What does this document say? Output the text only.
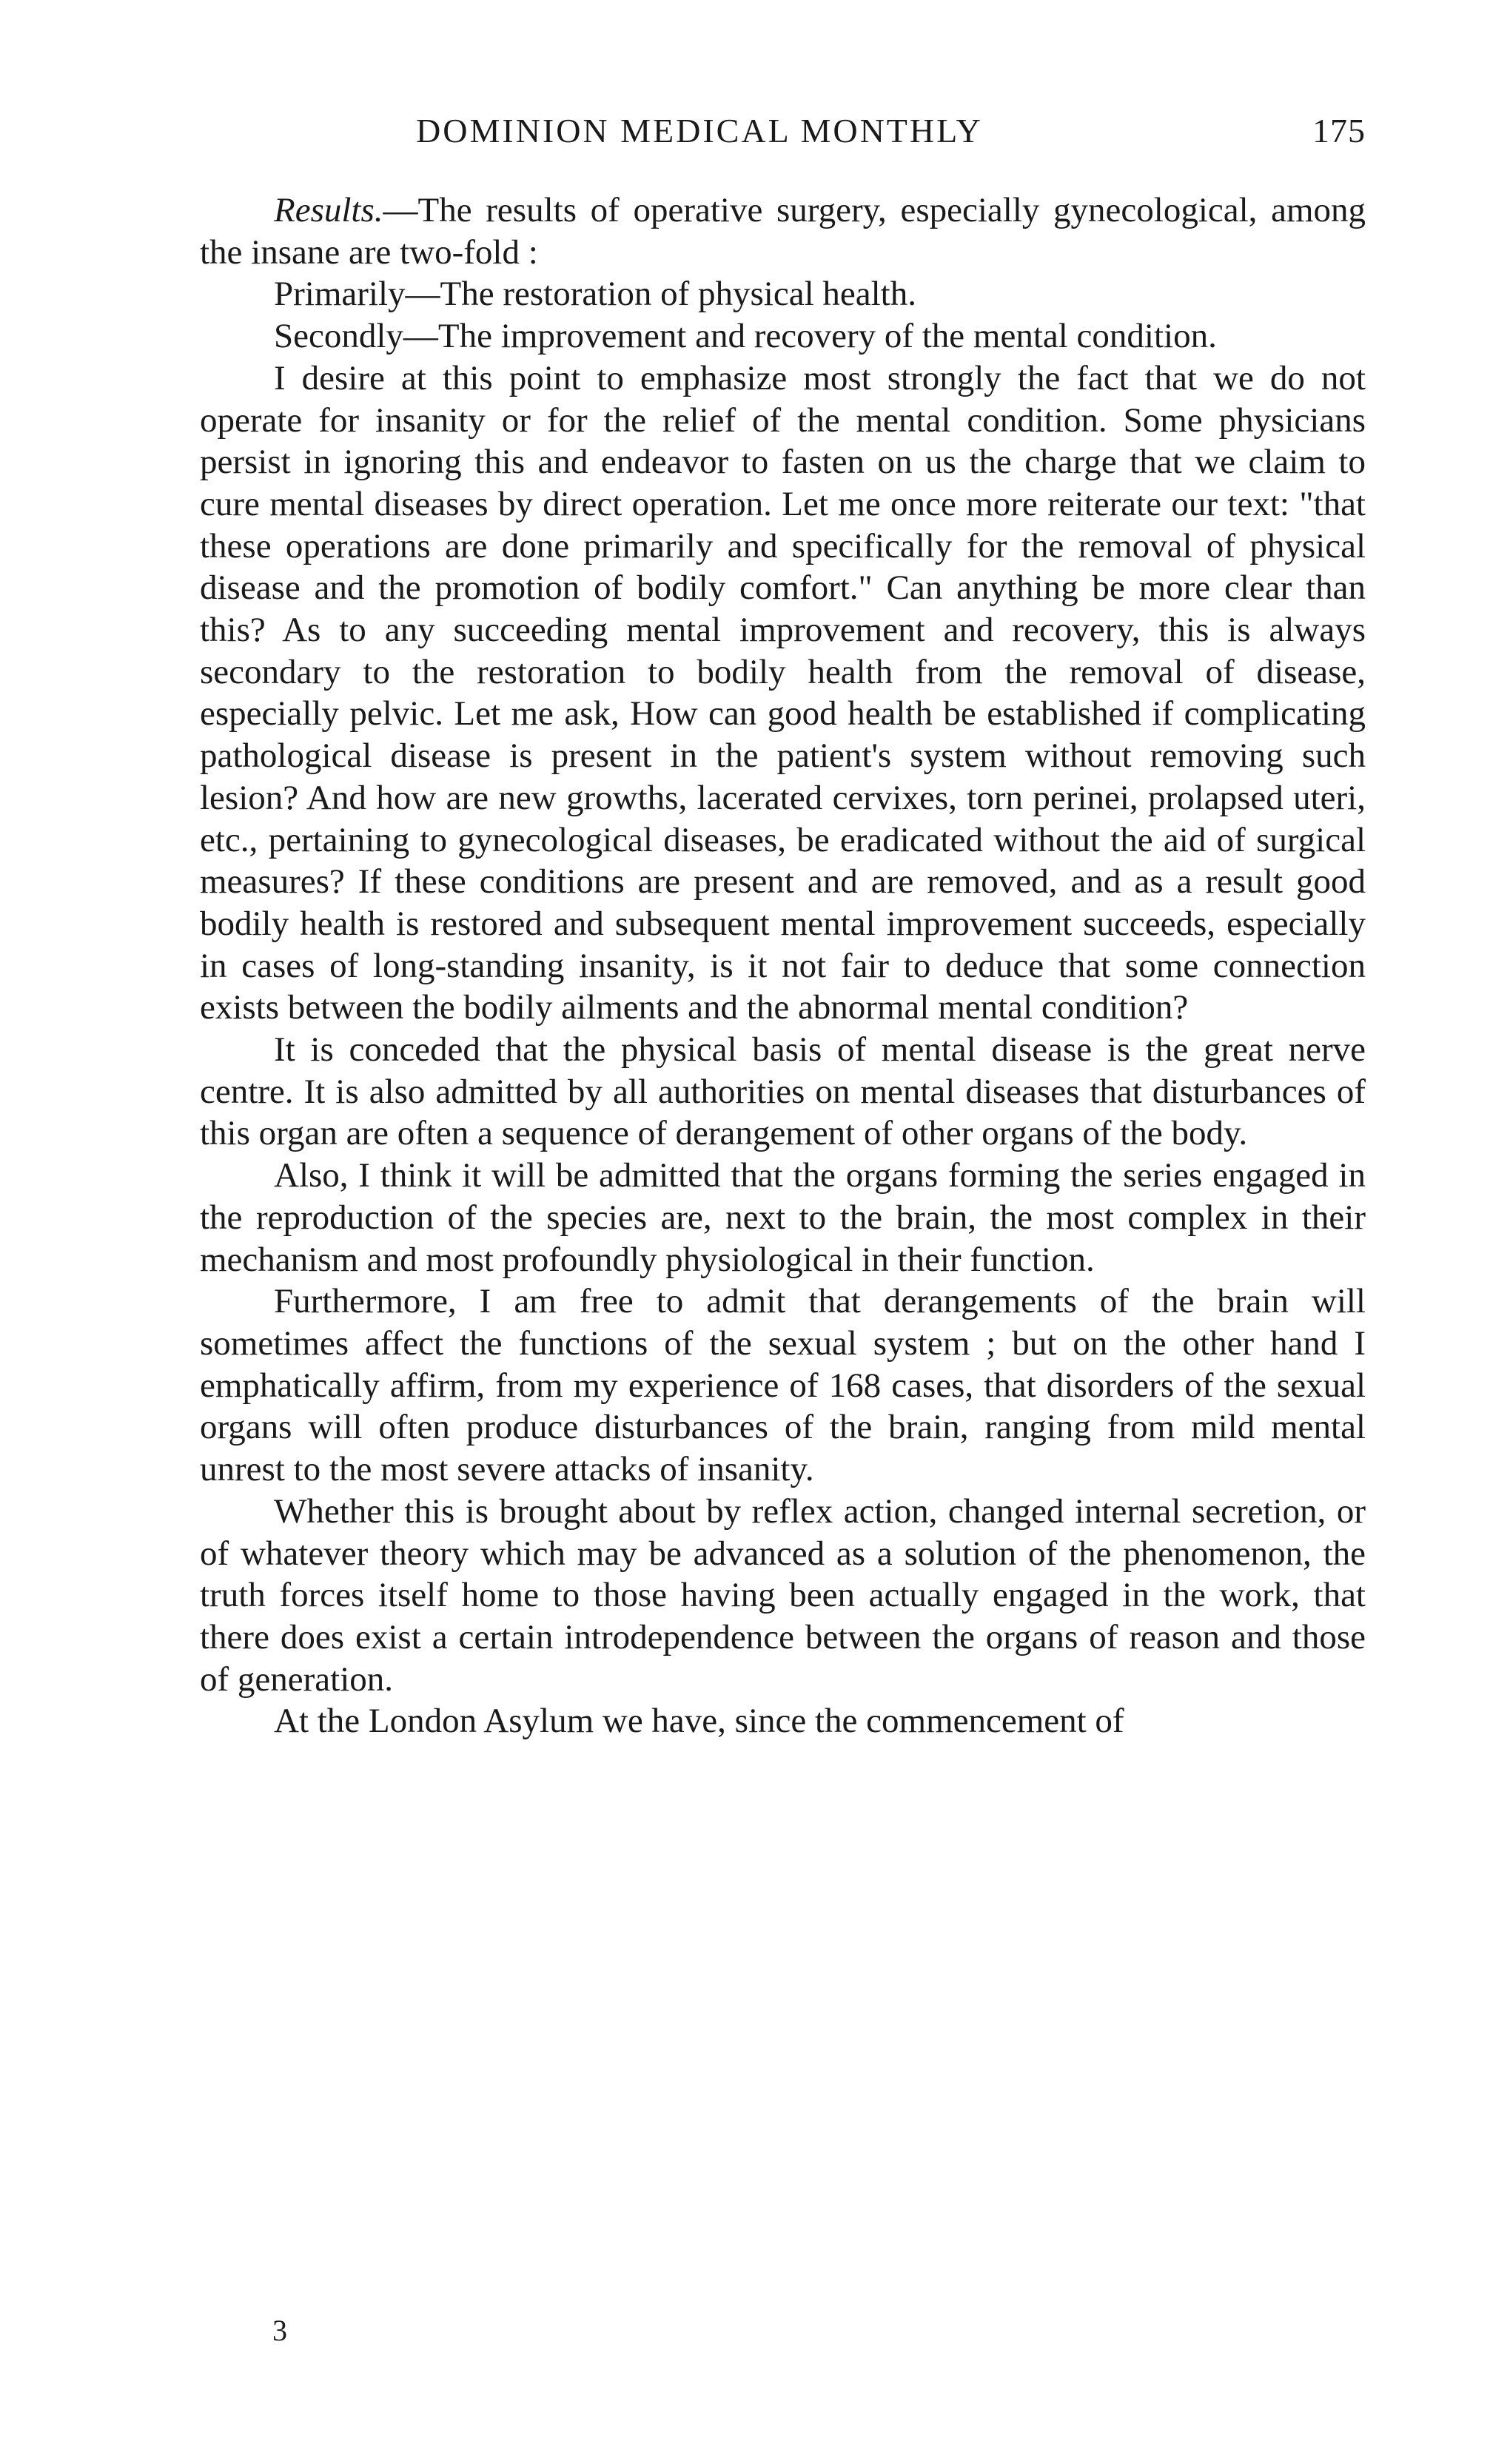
DOMINION MEDICAL MONTHLY	175

Results.—The results of operative surgery, especially gynecological, among the insane are two-fold :

Primarily—The restoration of physical health.

Secondly—The improvement and recovery of the mental condition.

I desire at this point to emphasize most strongly the fact that we do not operate for insanity or for the relief of the mental condition. Some physicians persist in ignoring this and endeavor to fasten on us the charge that we claim to cure mental diseases by direct operation. Let me once more reiterate our text: "that these operations are done primarily and specifically for the removal of physical disease and the promotion of bodily comfort." Can anything be more clear than this? As to any succeeding mental improvement and recovery, this is always secondary to the restoration to bodily health from the removal of disease, especially pelvic. Let me ask, How can good health be established if complicating pathological disease is present in the patient's system without removing such lesion? And how are new growths, lacerated cervixes, torn perinei, prolapsed uteri, etc., pertaining to gynecological diseases, be eradicated without the aid of surgical measures? If these conditions are present and are removed, and as a result good bodily health is restored and subsequent mental improvement succeeds, especially in cases of long-standing insanity, is it not fair to deduce that some connection exists between the bodily ailments and the abnormal mental condition?

It is conceded that the physical basis of mental disease is the great nerve centre. It is also admitted by all authorities on mental diseases that disturbances of this organ are often a sequence of derangement of other organs of the body.

Also, I think it will be admitted that the organs forming the series engaged in the reproduction of the species are, next to the brain, the most complex in their mechanism and most profoundly physiological in their function.

Furthermore, I am free to admit that derangements of the brain will sometimes affect the functions of the sexual system ; but on the other hand I emphatically affirm, from my experience of 168 cases, that disorders of the sexual organs will often produce disturbances of the brain, ranging from mild mental unrest to the most severe attacks of insanity.

Whether this is brought about by reflex action, changed internal secretion, or of whatever theory which may be advanced as a solution of the phenomenon, the truth forces itself home to those having been actually engaged in the work, that there does exist a certain introdependence between the organs of reason and those of generation.

At the London Asylum we have, since the commencement of

3
